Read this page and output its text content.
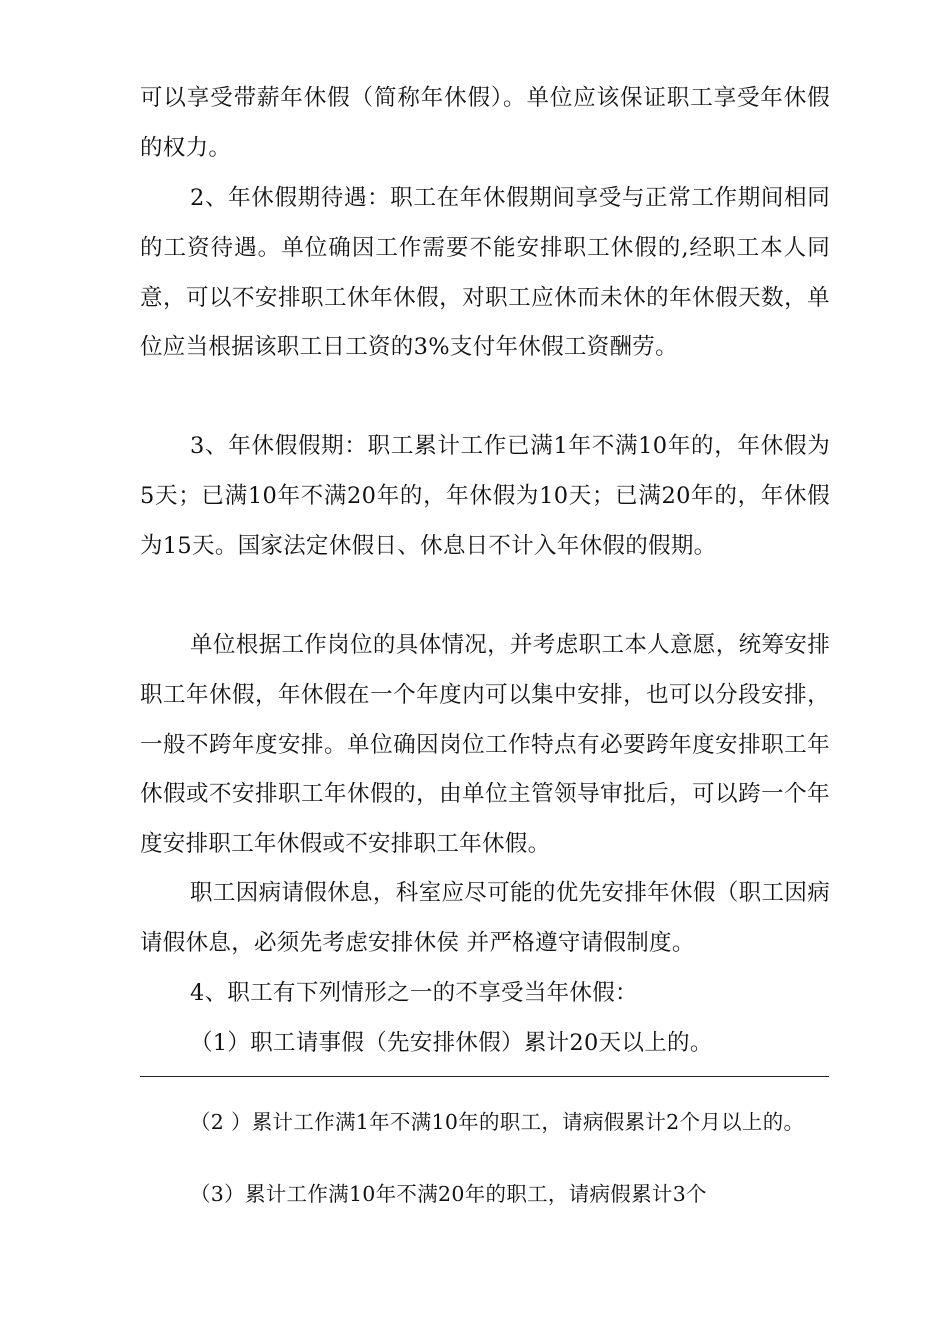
可以享受带薪年休假（简称年休假）。单位应该保证职工享受年休假的权力。

2、年休假期待遇：职工在年休假期间享受与正常工作期间相同的工资待遇。单位确因工作需要不能安排职工休假的,经职工本人同意，可以不安排职工休年休假，对职工应休而未休的年休假天数，单位应当根据该职工日工资的3%支付年休假工资酬劳。

3、年休假假期：职工累计工作已满1年不满10年的，年休假为5天；已满10年不满20年的，年休假为10天；已满20年的，年休假为15天。国家法定休假日、休息日不计入年休假的假期。

单位根据工作岗位的具体情况，并考虑职工本人意愿，统筹安排职工年休假，年休假在一个年度内可以集中安排，也可以分段安排，一般不跨年度安排。单位确因岗位工作特点有必要跨年度安排职工年休假或不安排职工年休假的，由单位主管领导审批后，可以跨一个年度安排职工年休假或不安排职工年休假。

职工因病请假休息，科室应尽可能的优先安排年休假（职工因病请假休息，必须先考虑安排休侯 并严格遵守请假制度。

4、职工有下列情形之一的不享受当年休假：

（1）职工请事假（先安排休假）累计20天以上的。

（2 ）累计工作满1年不满10年的职工，请病假累计2个月以上的。

（3）累计工作满10年不满20年的职工，请病假累计3个
